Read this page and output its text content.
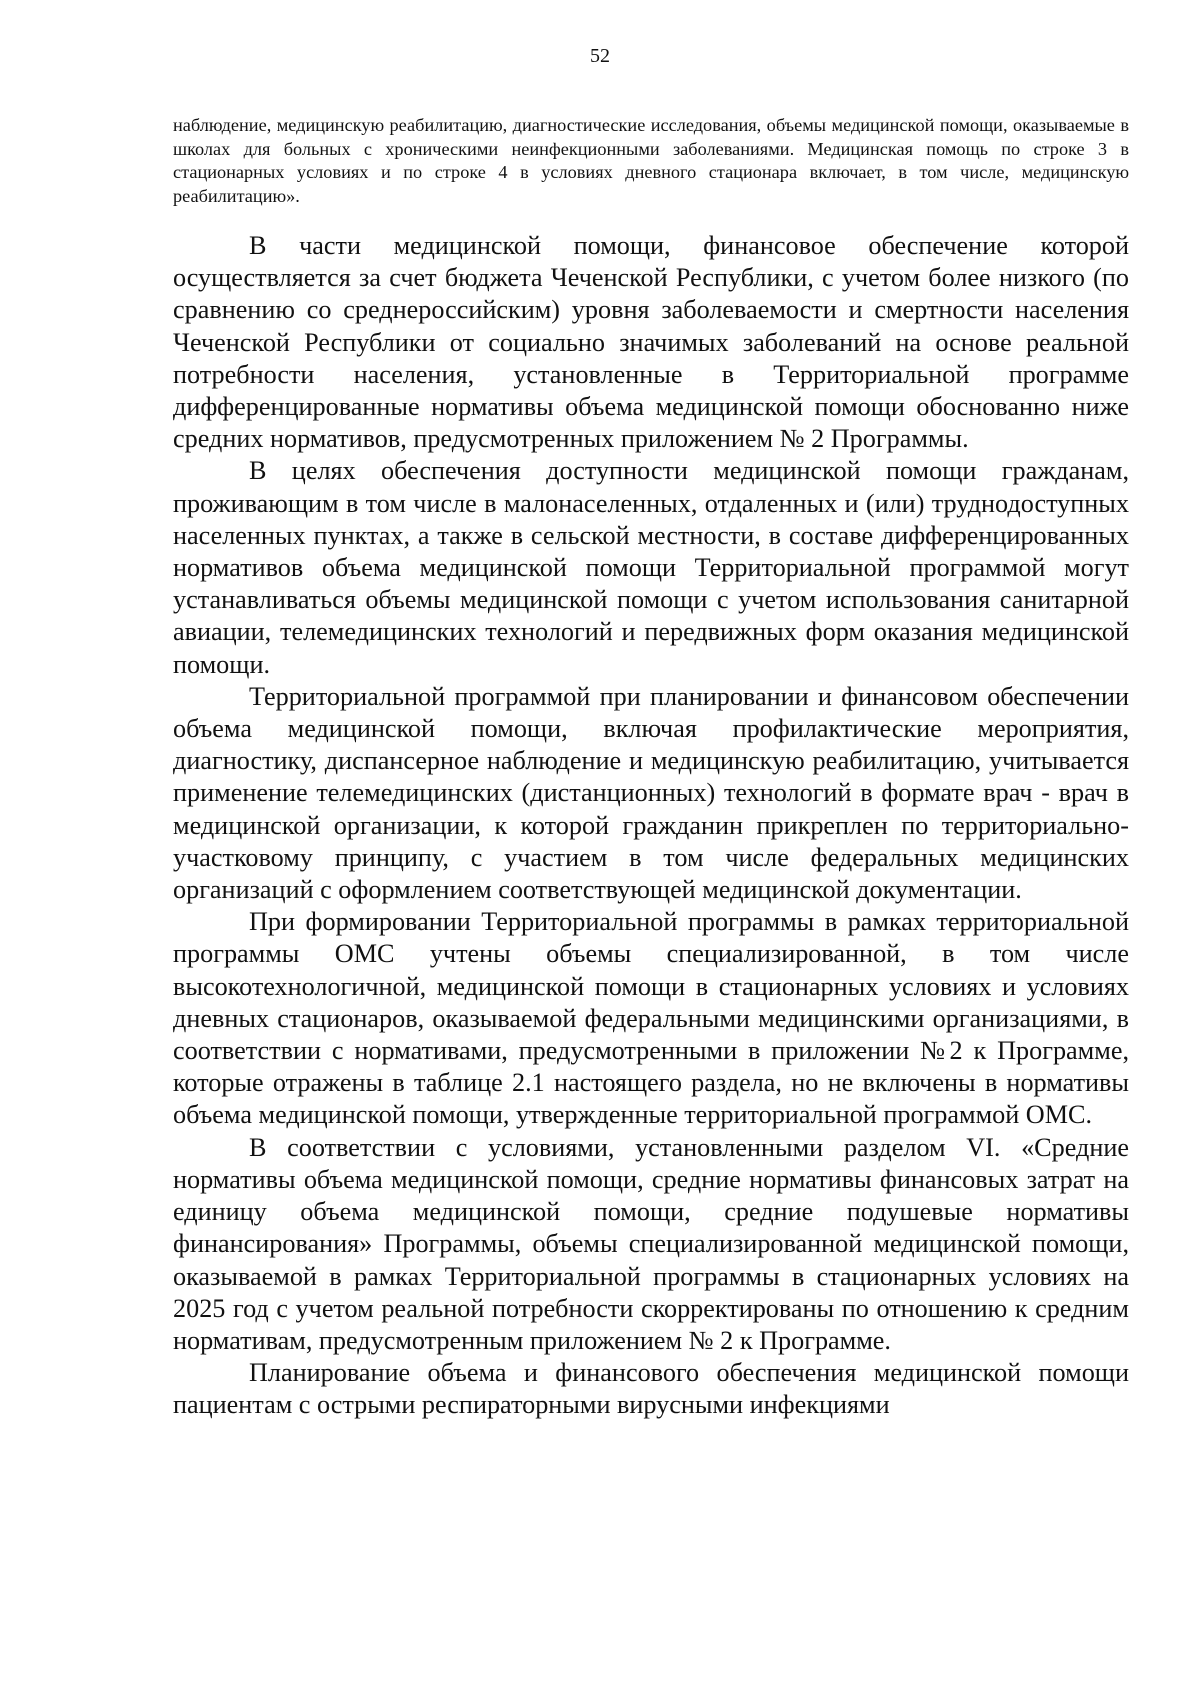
52

наблюдение, медицинскую реабилитацию, диагностические исследования, объемы медицинской помощи, оказываемые в школах для больных с хроническими неинфекционными заболеваниями. Медицинская помощь по строке 3 в стационарных условиях и по строке 4 в условиях дневного стационара включает, в том числе, медицинскую реабилитацию».

В части медицинской помощи, финансовое обеспечение которой осуществляется за счет бюджета Чеченской Республики, с учетом более низкого (по сравнению со среднероссийским) уровня заболеваемости и смертности населения Чеченской Республики от социально значимых заболеваний на основе реальной потребности населения, установленные в Территориальной программе дифференцированные нормативы объема медицинской помощи обоснованно ниже средних нормативов, предусмотренных приложением № 2 Программы.

В целях обеспечения доступности медицинской помощи гражданам, проживающим в том числе в малонаселенных, отдаленных и (или) труднодоступных населенных пунктах, а также в сельской местности, в составе дифференцированных нормативов объема медицинской помощи Территориальной программой могут устанавливаться объемы медицинской помощи с учетом использования санитарной авиации, телемедицинских технологий и передвижных форм оказания медицинской помощи.

Территориальной программой при планировании и финансовом обеспечении объема медицинской помощи, включая профилактические мероприятия, диагностику, диспансерное наблюдение и медицинскую реабилитацию, учитывается применение телемедицинских (дистанционных) технологий в формате врач - врач в медицинской организации, к которой гражданин прикреплен по территориально-участковому принципу, с участием в том числе федеральных медицинских организаций с оформлением соответствующей медицинской документации.

При формировании Территориальной программы в рамках территориальной программы ОМС учтены объемы специализированной, в том числе высокотехнологичной, медицинской помощи в стационарных условиях и условиях дневных стационаров, оказываемой федеральными медицинскими организациями, в соответствии с нормативами, предусмотренными в приложении №2 к Программе, которые отражены в таблице 2.1 настоящего раздела, но не включены в нормативы объема медицинской помощи, утвержденные территориальной программой ОМС.

В соответствии с условиями, установленными разделом VI. «Средние нормативы объема медицинской помощи, средние нормативы финансовых затрат на единицу объема медицинской помощи, средние подушевые нормативы финансирования» Программы, объемы специализированной медицинской помощи, оказываемой в рамках Территориальной программы в стационарных условиях на 2025 год с учетом реальной потребности скорректированы по отношению к средним нормативам, предусмотренным приложением № 2 к Программе.

Планирование объема и финансового обеспечения медицинской помощи пациентам с острыми респираторными вирусными инфекциями
